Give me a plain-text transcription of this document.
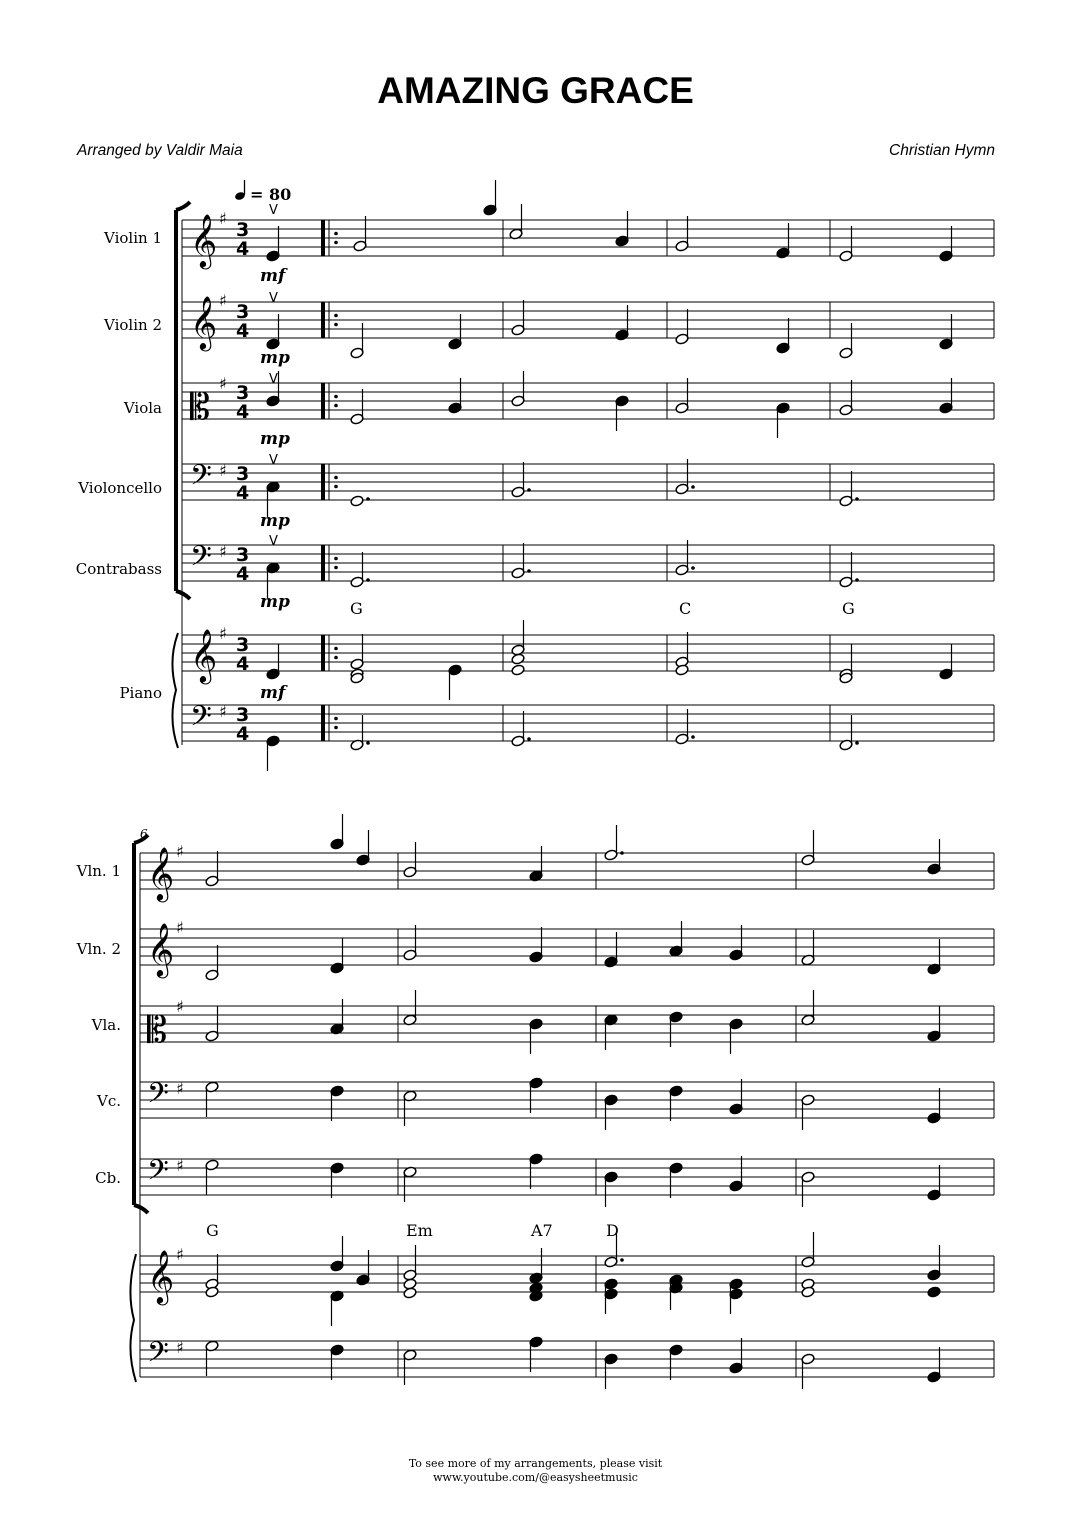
AMAZING GRACE
Arranged by Valdir Maia	Christian Hymn
𝄞 ♯
3
4
𝄞 ♯
3
4
𝄡
♯ 3
4
𝄢 ♯ 3
4
𝄢 ♯ 3
4
𝄞 ♯
3
4
𝄢 ♯ 3
4
𝄞 ♯
𝄞 ♯
𝄡
♯
𝄢 ♯
𝄢 ♯
𝄞 ♯
𝄢 ♯
= 80
Violin 1
Violin 2
Viola
Violoncello
Contrabass
Piano
mf
mp
mp
mp
mp
mf
V
V
V
V
V
G	C	G
6
Vln. 1
Vln. 2
Vla.
Vc.
Cb.
G	Em	A7	D
To see more of my arrangements, please visit
www.youtube.com/@easysheetmusic
